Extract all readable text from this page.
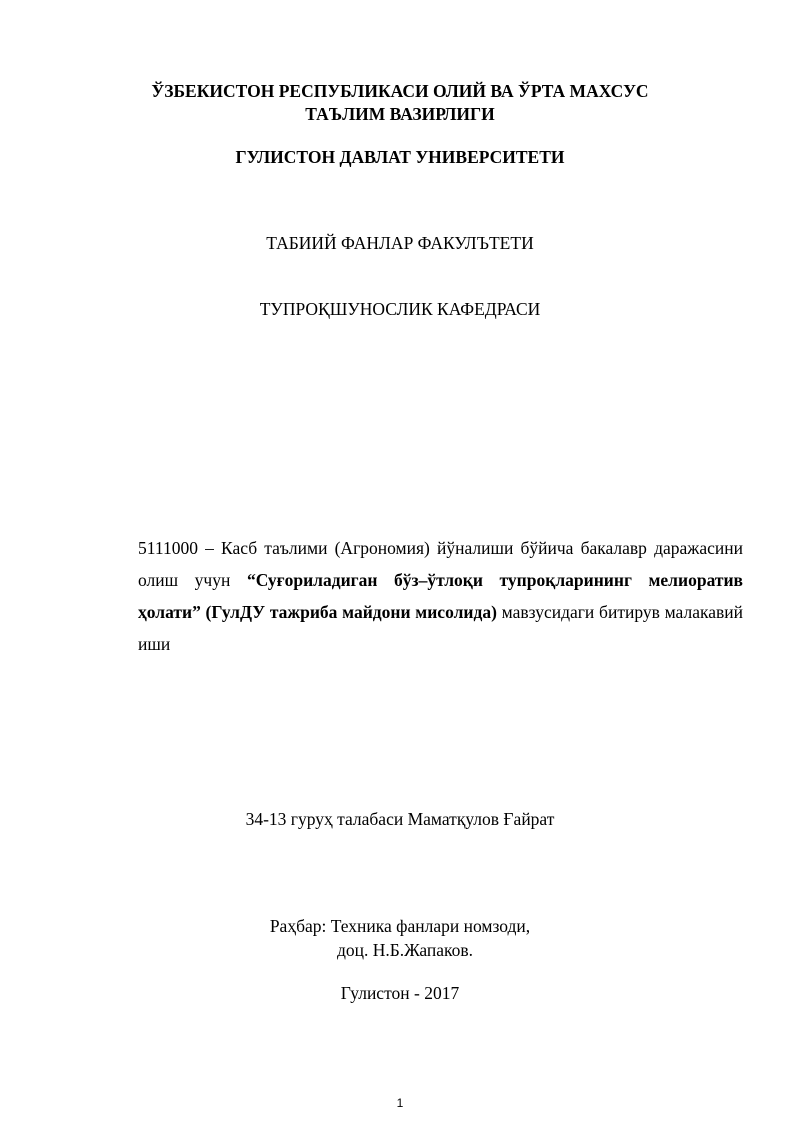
ЎЗБЕКИСТОН РЕСПУБЛИКАСИ ОЛИЙ ВА ЎРТА МАХСУС
ТАЪЛИМ ВАЗИРЛИГИ
ГУЛИСТОН ДАВЛАТ УНИВЕРСИТЕТИ
ТАБИИЙ ФАНЛАР ФАКУЛЪТЕТИ
ТУПРОҚШУНОСЛИК КАФЕДРАСИ
5111000 – Касб таълими (Агрономия) йўналиши бўйича бакалавр даражасини олиш учун “Суғориладиган бўз–ўтлоқи тупроқларининг мелиоратив ҳолати” (ГулДУ тажриба майдони мисолида) мавзусидаги битирув малакавий иши
34-13 гуруҳ талабаси Маматқулов Ғайрат
Раҳбар: Техника фанлари номзоди,
доц. Н.Б.Жапаков.
Гулистон - 2017
1
